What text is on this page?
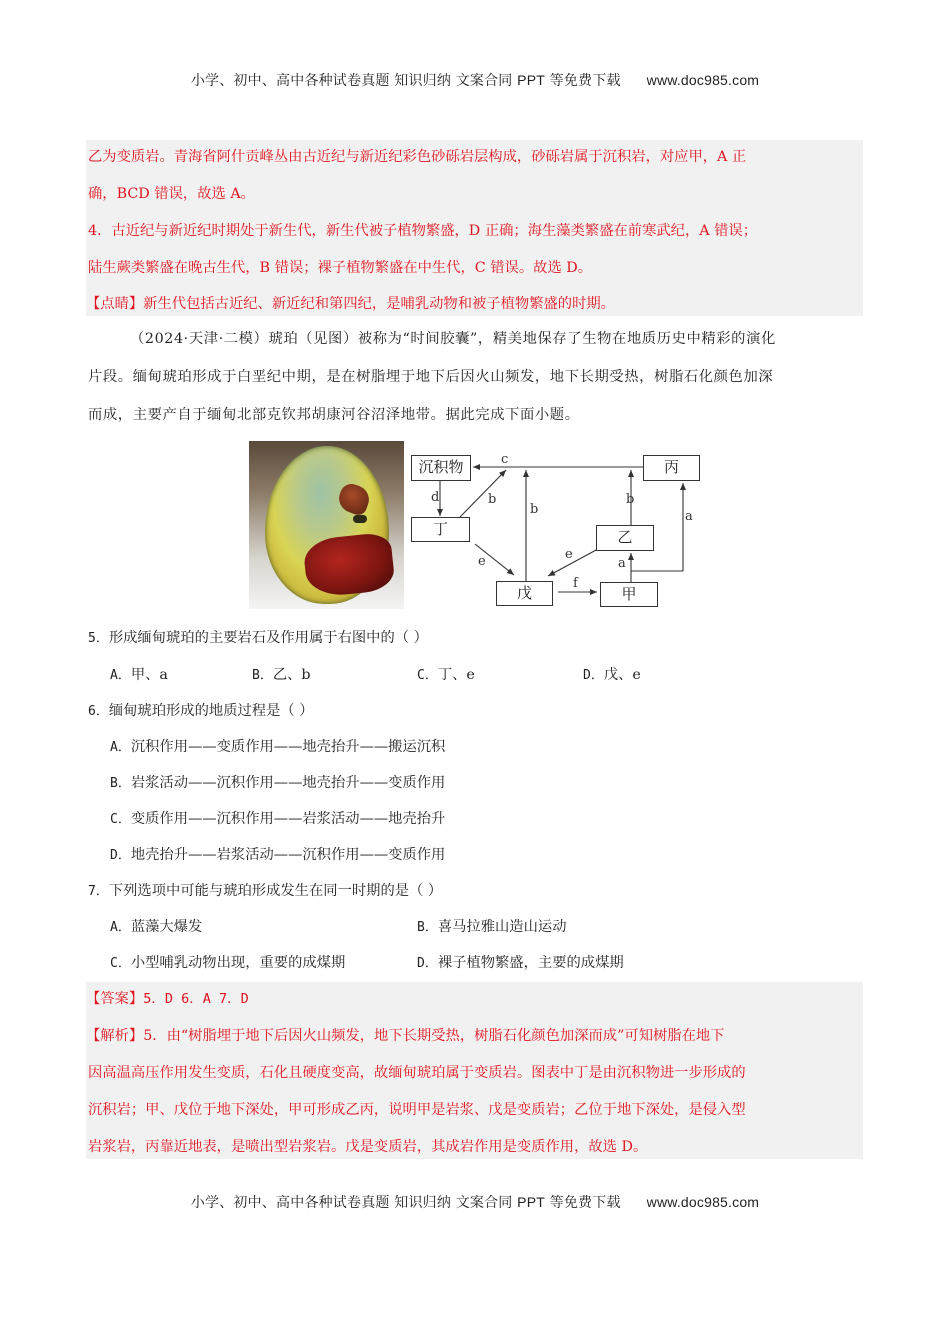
小学、初中、高中各种试卷真题 知识归纳 文案合同 PPT 等免费下载 www.doc985.com
乙为变质岩。青海省阿什贡峰丛由古近纪与新近纪彩色砂砾岩层构成，砂砾岩属于沉积岩，对应甲，A 正
确，BCD 错误，故选 A。
4．古近纪与新近纪时期处于新生代，新生代被子植物繁盛，D 正确；海生藻类繁盛在前寒武纪，A 错误；
陆生蕨类繁盛在晚古生代，B 错误；裸子植物繁盛在中生代，C 错误。故选 D。
【点睛】新生代包括古近纪、新近纪和第四纪，是哺乳动物和被子植物繁盛的时期。
（2024·天津·二模）琥珀（见图）被称为“时间胶囊”，精美地保存了生物在地质历史中精彩的演化
片段。缅甸琥珀形成于白垩纪中期，是在树脂埋于地下后因火山频发，地下长期受热，树脂石化颜色加深
而成，主要产自于缅甸北部克钦邦胡康河谷沼泽地带。据此完成下面小题。
沉积物	丙
丁	乙
戊	甲
c
d	b
b
b
a
a
e	e
f
5．形成缅甸琥珀的主要岩石及作用属于右图中的（ ）
A．甲、a	B．乙、b	C．丁、e	D．戊、e
6．缅甸琥珀形成的地质过程是（ ）
A．沉积作用——变质作用——地壳抬升——搬运沉积
B．岩浆活动——沉积作用——地壳抬升——变质作用
C．变质作用——沉积作用——岩浆活动——地壳抬升
D．地壳抬升——岩浆活动——沉积作用——变质作用
7．下列选项中可能与琥珀形成发生在同一时期的是（ ）
A．蓝藻大爆发	B．喜马拉雅山造山运动
C．小型哺乳动物出现，重要的成煤期	D．裸子植物繁盛，主要的成煤期
【答案】5．D 6．A 7．D
【解析】5．由“树脂埋于地下后因火山频发，地下长期受热，树脂石化颜色加深而成”可知树脂在地下
因高温高压作用发生变质，石化且硬度变高，故缅甸琥珀属于变质岩。图表中丁是由沉积物进一步形成的
沉积岩；甲、戊位于地下深处，甲可形成乙丙，说明甲是岩浆、戊是变质岩；乙位于地下深处，是侵入型
岩浆岩，丙靠近地表，是喷出型岩浆岩。戊是变质岩，其成岩作用是变质作用，故选 D。
小学、初中、高中各种试卷真题 知识归纳 文案合同 PPT 等免费下载 www.doc985.com
